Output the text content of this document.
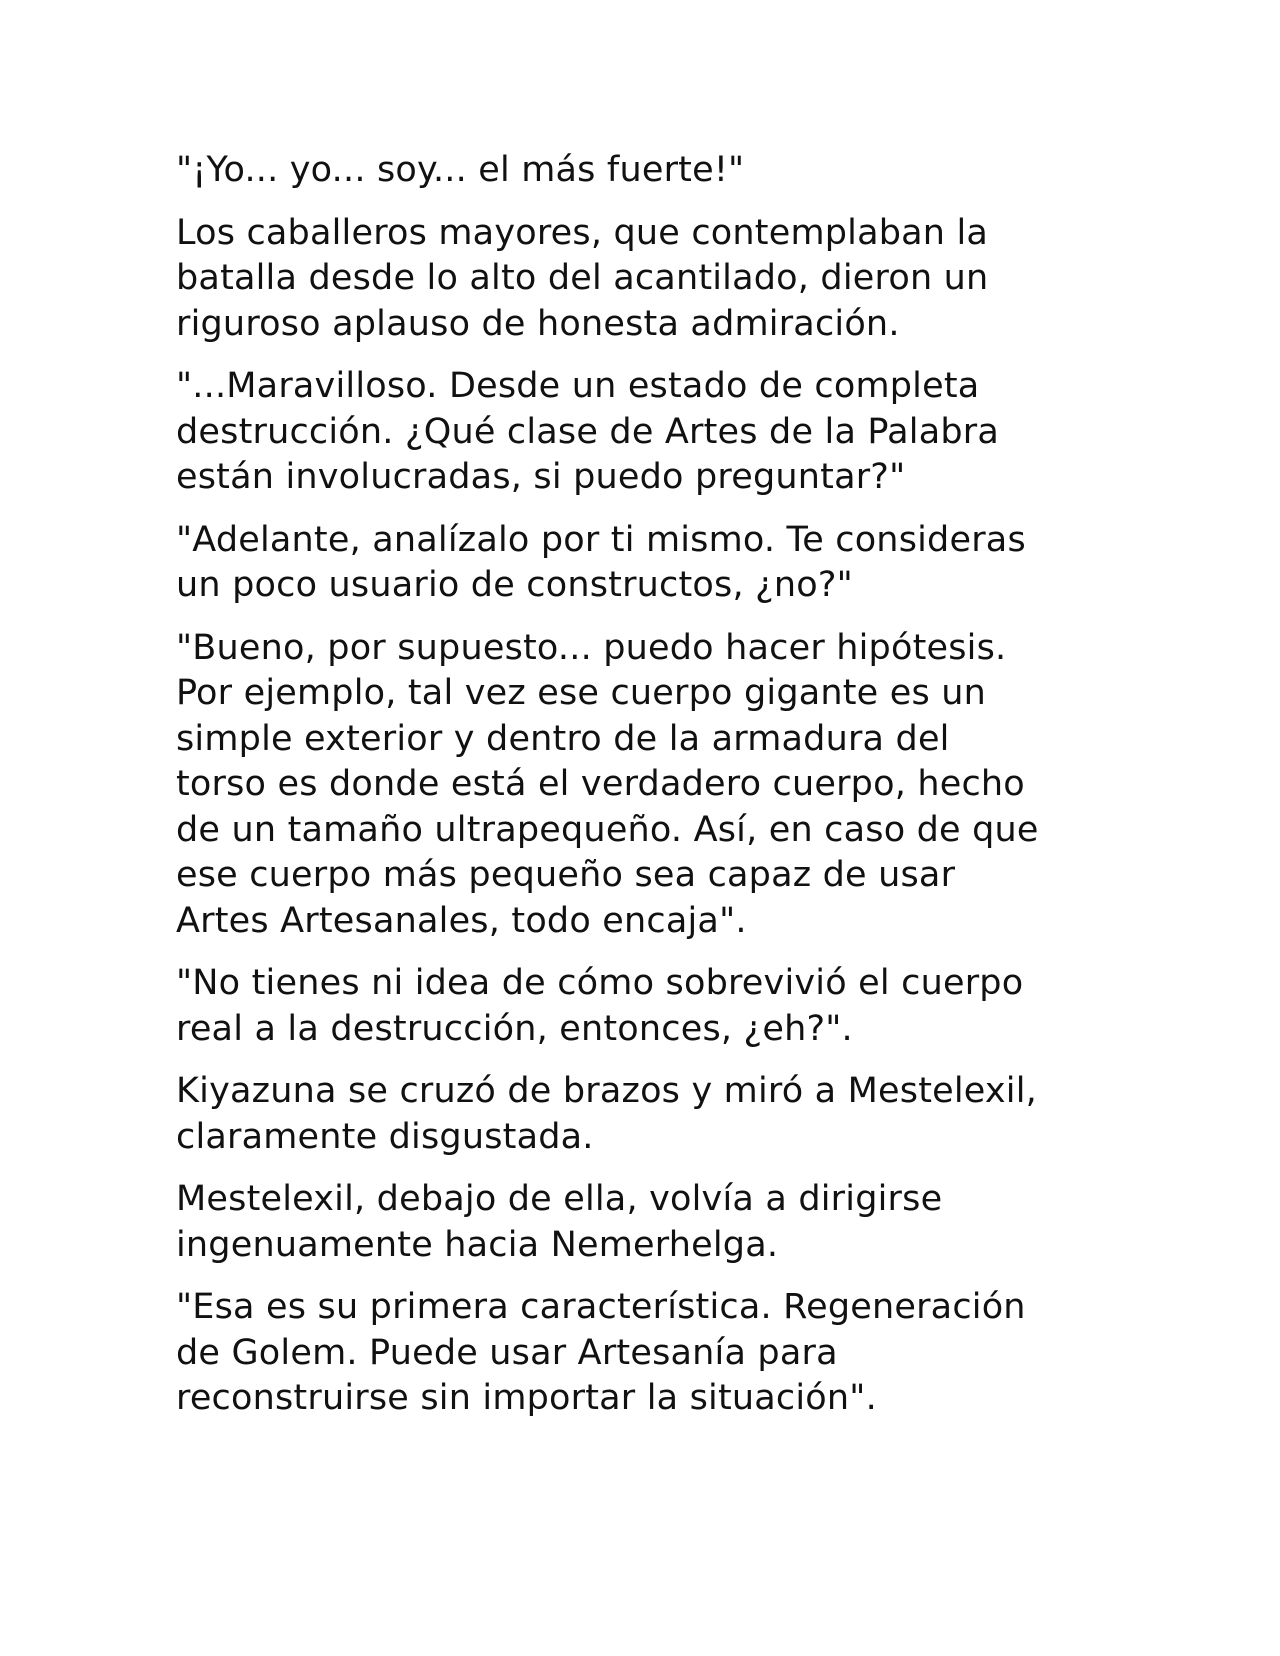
"¡Yo... yo... soy... el más fuerte!"

Los caballeros mayores, que contemplaban la
batalla desde lo alto del acantilado, dieron un
riguroso aplauso de honesta admiración.

"...Maravilloso. Desde un estado de completa
destrucción. ¿Qué clase de Artes de la Palabra
están involucradas, si puedo preguntar?"

"Adelante, analízalo por ti mismo. Te consideras
un poco usuario de constructos, ¿no?"

"Bueno, por supuesto... puedo hacer hipótesis.
Por ejemplo, tal vez ese cuerpo gigante es un
simple exterior y dentro de la armadura del
torso es donde está el verdadero cuerpo, hecho
de un tamaño ultrapequeño. Así, en caso de que
ese cuerpo más pequeño sea capaz de usar
Artes Artesanales, todo encaja".

"No tienes ni idea de cómo sobrevivió el cuerpo
real a la destrucción, entonces, ¿eh?".

Kiyazuna se cruzó de brazos y miró a Mestelexil,
claramente disgustada.

Mestelexil, debajo de ella, volvía a dirigirse
ingenuamente hacia Nemerhelga.

"Esa es su primera característica. Regeneración
de Golem. Puede usar Artesanía para
reconstruirse sin importar la situación".
